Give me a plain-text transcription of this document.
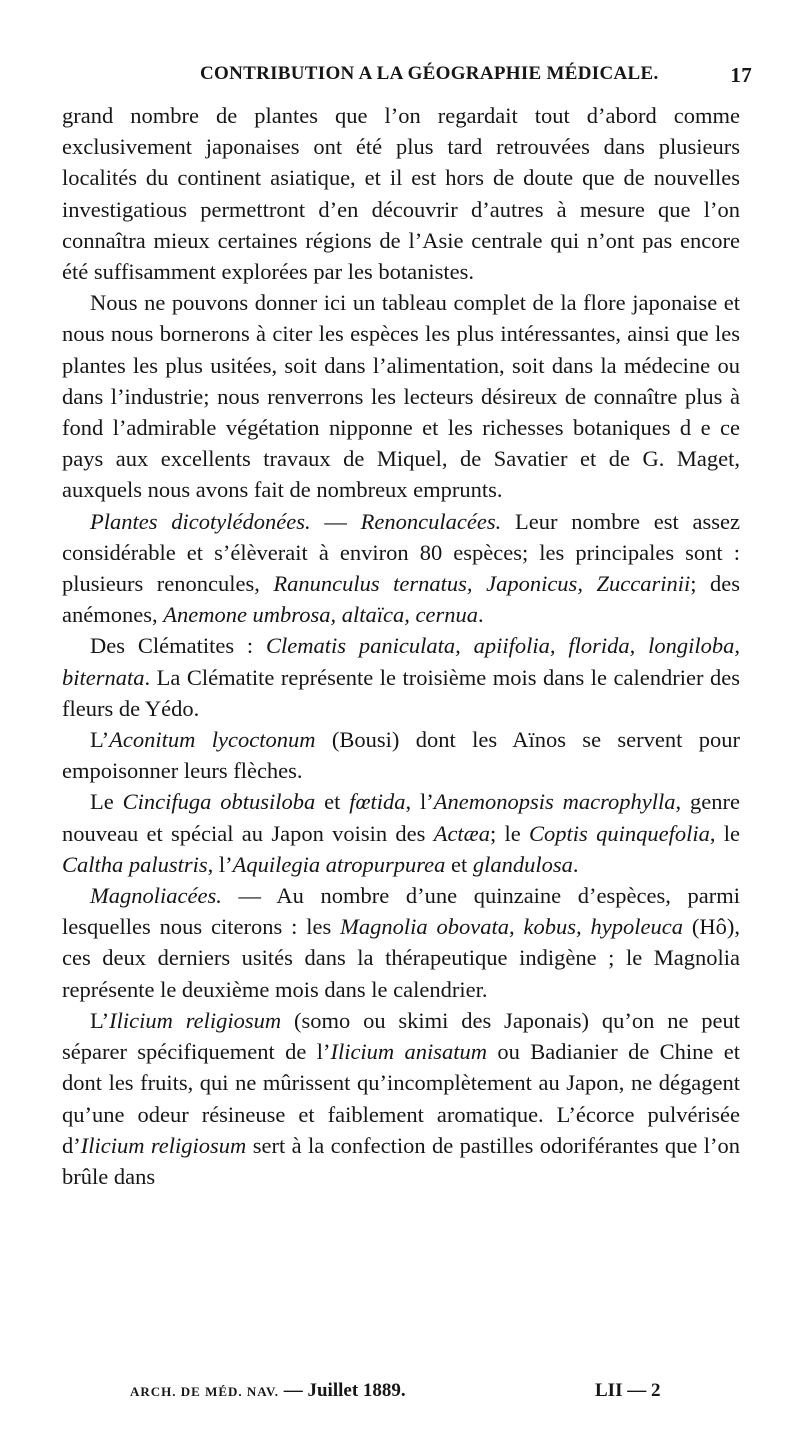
CONTRIBUTION A LA GÉOGRAPHIE MÉDICALE.	17

grand nombre de plantes que l’on regardait tout d’abord comme exclusivement japonaises ont été plus tard retrouvées dans plusieurs localités du continent asiatique, et il est hors de doute que de nouvelles investigatious permettront d’en découvrir d’autres à mesure que l’on connaîtra mieux certaines régions de l’Asie centrale qui n’ont pas encore été suffisamment explorées par les botanistes.

Nous ne pouvons donner ici un tableau complet de la flore japonaise et nous nous bornerons à citer les espèces les plus intéressantes, ainsi que les plantes les plus usitées, soit dans l’alimentation, soit dans la médecine ou dans l’industrie; nous renverrons les lecteurs désireux de connaître plus à fond l’admirable végétation nipponne et les richesses botaniques d e ce pays aux excellents travaux de Miquel, de Savatier et de G. Maget, auxquels nous avons fait de nombreux emprunts.

Plantes dicotylédonées. — Renonculacées. Leur nombre est assez considérable et s’élèverait à environ 80 espèces; les principales sont : plusieurs renoncules, Ranunculus ternatus, Japonicus, Zuccarinii; des anémones, Anemone umbrosa, altaïca, cernua.

Des Clématites : Clematis paniculata, apiifolia, florida, longiloba, biternata. La Clématite représente le troisième mois dans le calendrier des fleurs de Yédo.

L’Aconitum lycoctonum (Bousi) dont les Aïnos se servent pour empoisonner leurs flèches.

Le Cincifuga obtusiloba et fœtida, l’Anemonopsis macrophylla, genre nouveau et spécial au Japon voisin des Actæa; le Coptis quinquefolia, le Caltha palustris, l’Aquilegia atropurpurea et glandulosa.

Magnoliacées. — Au nombre d’une quinzaine d’espèces, parmi lesquelles nous citerons : les Magnolia obovata, kobus, hypoleuca (Hô), ces deux derniers usités dans la thérapeutique indigène ; le Magnolia représente le deuxième mois dans le calendrier.

L’Ilicium religiosum (somo ou skimi des Japonais) qu’on ne peut séparer spécifiquement de l’Ilicium anisatum ou Badianier de Chine et dont les fruits, qui ne mûrissent qu’incomplètement au Japon, ne dégagent qu’une odeur résineuse et faiblement aromatique. L’écorce pulvérisée d’Ilicium religiosum sert à la confection de pastilles odoriférantes que l’on brûle dans

ARCH. DE MÉD. NAV. — Juillet 1889.	LII — 2
